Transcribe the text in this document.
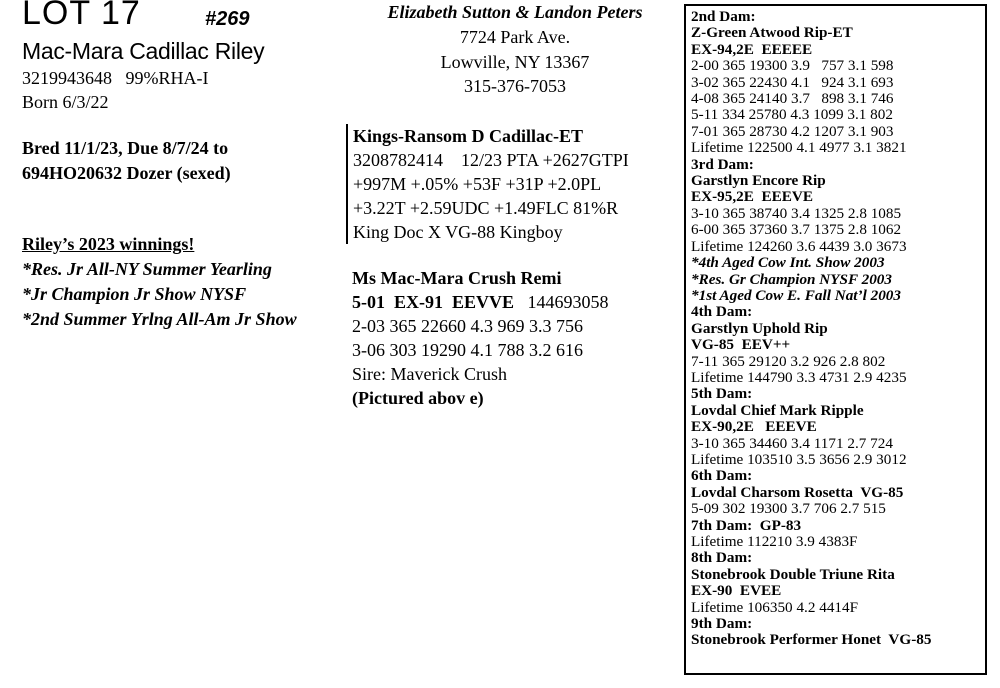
LOT 17	#269
Mac-Mara Cadillac Riley
3219943648   99%RHA-I
Born 6/3/22
Bred 11/1/23, Due 8/7/24 to
694HO20632 Dozer (sexed)
Riley’s 2023 winnings!
*Res. Jr All-NY Summer Yearling
*Jr Champion Jr Show NYSF
*2nd Summer Yrlng All-Am Jr Show
Elizabeth Sutton & Landon Peters
7724 Park Ave.
Lowville, NY 13367
315-376-7053
Kings-Ransom D Cadillac-ET
3208782414    12/23 PTA +2627GTPI
+997M +.05% +53F +31P +2.0PL
+3.22T +2.59UDC +1.49FLC 81%R
King Doc X VG-88 Kingboy
Ms Mac-Mara Crush Remi
5-01  EX-91  EEVVE 144693058
2-03 365 22660 4.3 969 3.3 756
3-06 303 19290 4.1 788 3.2 616
Sire: Maverick Crush
(Pictured abov e)
2nd Dam:
Z-Green Atwood Rip-ET
EX-94,2E  EEEEE
2-00 365 19300 3.9   757 3.1 598
3-02 365 22430 4.1   924 3.1 693
4-08 365 24140 3.7   898 3.1 746
5-11 334 25780 4.3 1099 3.1 802
7-01 365 28730 4.2 1207 3.1 903
Lifetime 122500 4.1 4977 3.1 3821
3rd Dam:
Garstlyn Encore Rip
EX-95,2E  EEEVE
3-10 365 38740 3.4 1325 2.8 1085
6-00 365 37360 3.7 1375 2.8 1062
Lifetime 124260 3.6 4439 3.0 3673
*4th Aged Cow Int. Show 2003
*Res. Gr Champion NYSF 2003
*1st Aged Cow E. Fall Nat’l 2003
4th Dam:
Garstlyn Uphold Rip
VG-85  EEV++
7-11 365 29120 3.2 926 2.8 802
Lifetime 144790 3.3 4731 2.9 4235
5th Dam:
Lovdal Chief Mark Ripple
EX-90,2E   EEEVE
3-10 365 34460 3.4 1171 2.7 724
Lifetime 103510 3.5 3656 2.9 3012
6th Dam:
Lovdal Charsom Rosetta  VG-85
5-09 302 19300 3.7 706 2.7 515
7th Dam:  GP-83
Lifetime 112210 3.9 4383F
8th Dam:
Stonebrook Double Triune Rita
EX-90  EVEE
Lifetime 106350 4.2 4414F
9th Dam:
Stonebrook Performer Honet  VG-85
